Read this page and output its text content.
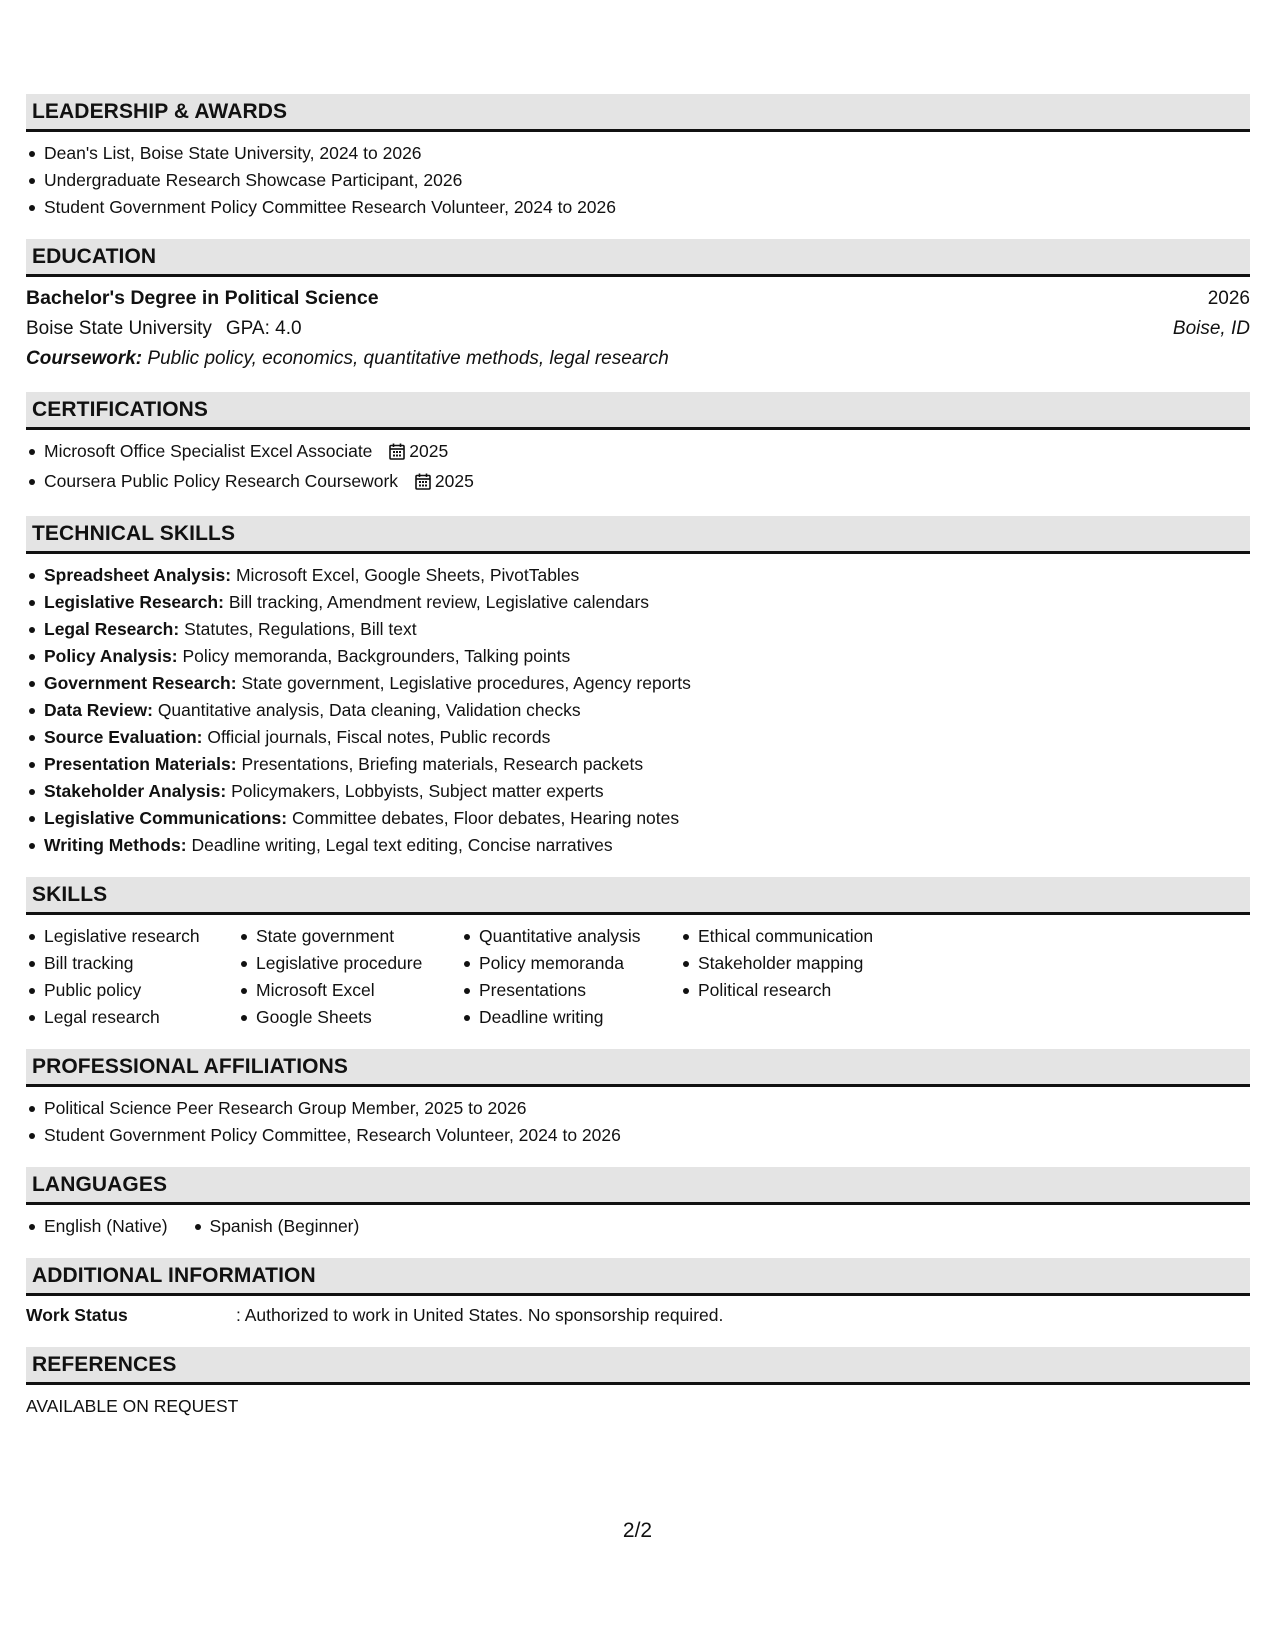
LEADERSHIP & AWARDS
Dean's List, Boise State University, 2024 to 2026
Undergraduate Research Showcase Participant, 2026
Student Government Policy Committee Research Volunteer, 2024 to 2026
EDUCATION
Bachelor's Degree in Political Science	2026
Boise State University GPA: 4.0	Boise, ID
Coursework: Public policy, economics, quantitative methods, legal research
CERTIFICATIONS
Microsoft Office Specialist Excel Associate 2025
Coursera Public Policy Research Coursework 2025
TECHNICAL SKILLS
Spreadsheet Analysis: Microsoft Excel, Google Sheets, PivotTables
Legislative Research: Bill tracking, Amendment review, Legislative calendars
Legal Research: Statutes, Regulations, Bill text
Policy Analysis: Policy memoranda, Backgrounders, Talking points
Government Research: State government, Legislative procedures, Agency reports
Data Review: Quantitative analysis, Data cleaning, Validation checks
Source Evaluation: Official journals, Fiscal notes, Public records
Presentation Materials: Presentations, Briefing materials, Research packets
Stakeholder Analysis: Policymakers, Lobbyists, Subject matter experts
Legislative Communications: Committee debates, Floor debates, Hearing notes
Writing Methods: Deadline writing, Legal text editing, Concise narratives
SKILLS
Legislative research
Bill tracking
Public policy
Legal research
State government
Legislative procedure
Microsoft Excel
Google Sheets
Quantitative analysis
Policy memoranda
Presentations
Deadline writing
Ethical communication
Stakeholder mapping
Political research
PROFESSIONAL AFFILIATIONS
Political Science Peer Research Group Member, 2025 to 2026
Student Government Policy Committee, Research Volunteer, 2024 to 2026
LANGUAGES
English (Native)	Spanish (Beginner)
ADDITIONAL INFORMATION
Work Status	: Authorized to work in United States. No sponsorship required.
REFERENCES
AVAILABLE ON REQUEST
2/2
